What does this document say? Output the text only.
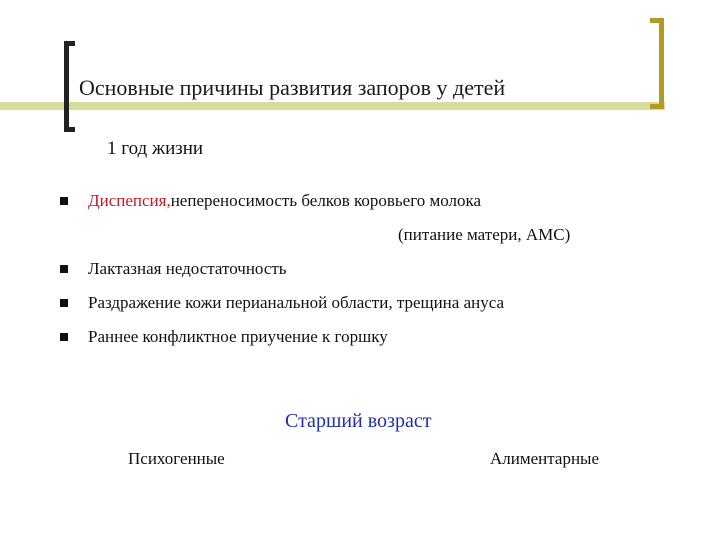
Основные причины развития запоров у детей
1 год жизни
Диспепсия, непереносимость белков коровьего молока
(питание матери, АМС)
Лактазная недостаточность
Раздражение кожи перианальной области, трещина ануса
Раннее конфликтное приучение к горшку
Старший возраст
Психогенные	Алиментарные
